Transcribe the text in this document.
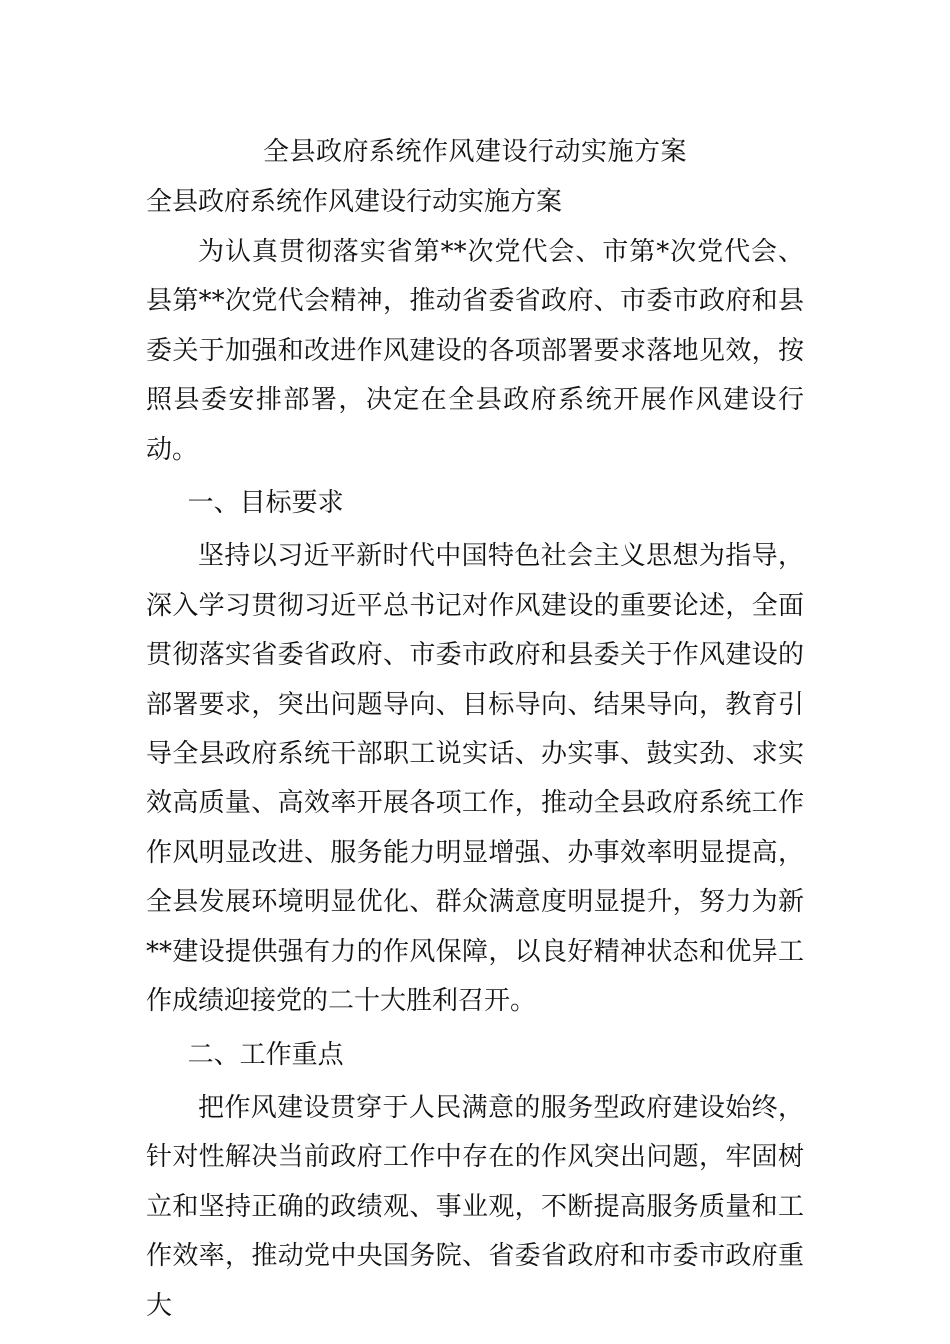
全县政府系统作风建设行动实施方案
全县政府系统作风建设行动实施方案

为认真贯彻落实省第**次党代会、市第*次党代会、县第**次党代会精神，推动省委省政府、市委市政府和县委关于加强和改进作风建设的各项部署要求落地见效，按照县委安排部署，决定在全县政府系统开展作风建设行动。

一、目标要求

坚持以习近平新时代中国特色社会主义思想为指导，深入学习贯彻习近平总书记对作风建设的重要论述，全面贯彻落实省委省政府、市委市政府和县委关于作风建设的部署要求，突出问题导向、目标导向、结果导向，教育引导全县政府系统干部职工说实话、办实事、鼓实劲、求实效高质量、高效率开展各项工作，推动全县政府系统工作作风明显改进、服务能力明显增强、办事效率明显提高，全县发展环境明显优化、群众满意度明显提升，努力为新**建设提供强有力的作风保障，以良好精神状态和优异工作成绩迎接党的二十大胜利召开。

二、工作重点

把作风建设贯穿于人民满意的服务型政府建设始终，针对性解决当前政府工作中存在的作风突出问题，牢固树立和坚持正确的政绩观、事业观，不断提高服务质量和工作效率，推动党中央国务院、省委省政府和市委市政府重大
